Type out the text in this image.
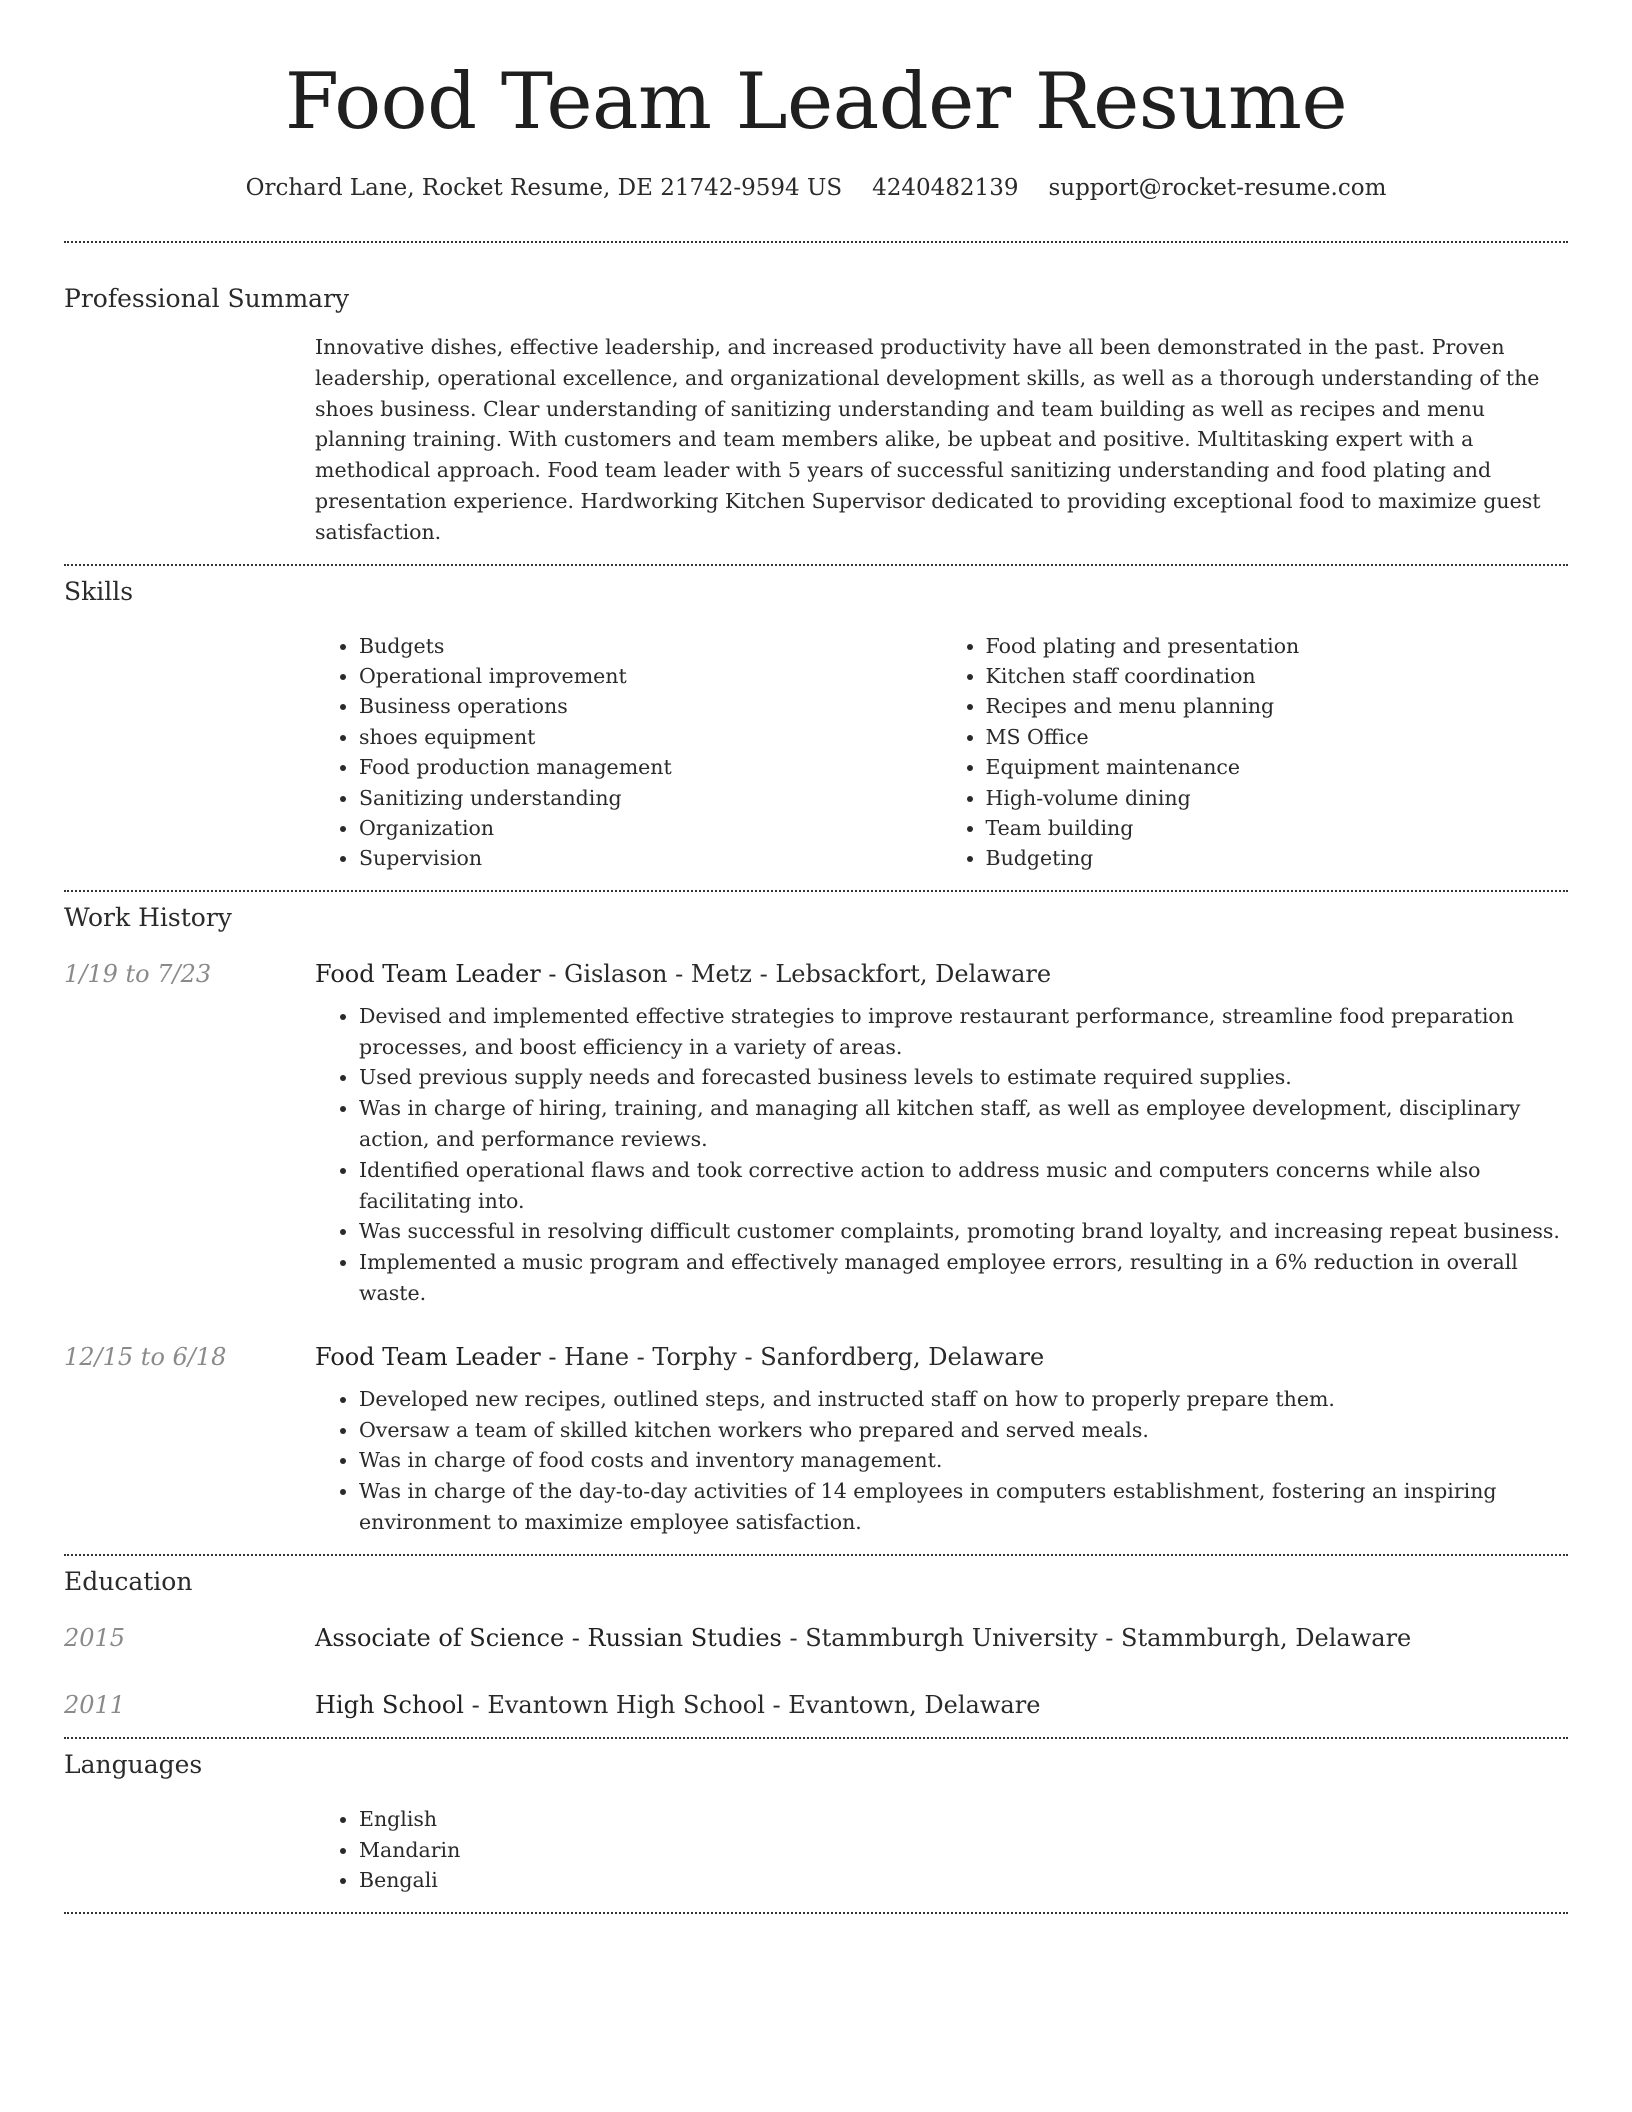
Food Team Leader Resume
Orchard Lane, Rocket Resume, DE 21742-9594 US 4240482139 support@rocket-resume.com
Professional Summary
Innovative dishes, effective leadership, and increased productivity have all been demonstrated in the past. Proven leadership, operational excellence, and organizational development skills, as well as a thorough understanding of the shoes business. Clear understanding of sanitizing understanding and team building as well as recipes and menu planning training. With customers and team members alike, be upbeat and positive. Multitasking expert with a methodical approach. Food team leader with 5 years of successful sanitizing understanding and food plating and presentation experience. Hardworking Kitchen Supervisor dedicated to providing exceptional food to maximize guest satisfaction.
Skills
• Budgets
• Operational improvement
• Business operations
• shoes equipment
• Food production management
• Sanitizing understanding
• Organization
• Supervision
• Food plating and presentation
• Kitchen staff coordination
• Recipes and menu planning
• MS Office
• Equipment maintenance
• High-volume dining
• Team building
• Budgeting
Work History
1/19 to 7/23	Food Team Leader - Gislason - Metz - Lebsackfort, Delaware
• Devised and implemented effective strategies to improve restaurant performance, streamline food preparation processes, and boost efficiency in a variety of areas.
• Used previous supply needs and forecasted business levels to estimate required supplies.
• Was in charge of hiring, training, and managing all kitchen staff, as well as employee development, disciplinary action, and performance reviews.
• Identified operational flaws and took corrective action to address music and computers concerns while also facilitating into.
• Was successful in resolving difficult customer complaints, promoting brand loyalty, and increasing repeat business.
• Implemented a music program and effectively managed employee errors, resulting in a 6% reduction in overall waste.
12/15 to 6/18	Food Team Leader - Hane - Torphy - Sanfordberg, Delaware
• Developed new recipes, outlined steps, and instructed staff on how to properly prepare them.
• Oversaw a team of skilled kitchen workers who prepared and served meals.
• Was in charge of food costs and inventory management.
• Was in charge of the day-to-day activities of 14 employees in computers establishment, fostering an inspiring environment to maximize employee satisfaction.
Education
2015	Associate of Science - Russian Studies - Stammburgh University - Stammburgh, Delaware
2011	High School - Evantown High School - Evantown, Delaware
Languages
• English
• Mandarin
• Bengali
